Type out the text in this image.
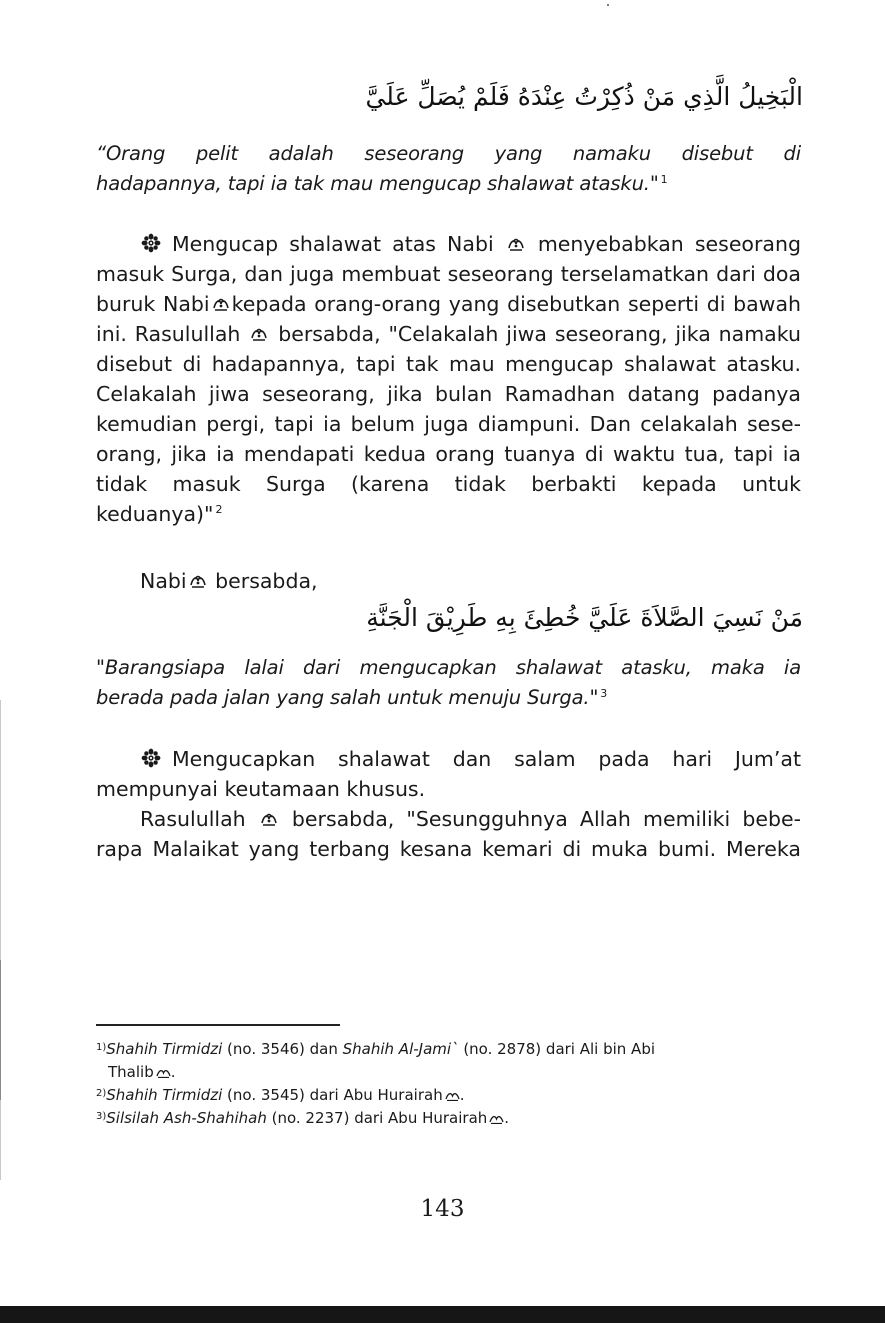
الْبَخِيلُ الَّذِي مَنْ ذُكِرْتُ عِنْدَهُ فَلَمْ يُصَلِّ عَلَيَّ
“Orang pelit adalah seseorang yang namaku disebut di
hadapannya, tapi ia tak mau mengucap shalawat atasku." $^1$
Mengucap shalawat atas Nabi menyebabkan seseorang
masuk Surga, dan juga membuat seseorang terselamatkan dari doa
buruk Nabi kepada orang-orang yang disebutkan seperti di bawah
ini. Rasulullah bersabda, "Celakalah jiwa seseorang, jika namaku
disebut di hadapannya, tapi tak mau mengucap shalawat atasku.
Celakalah jiwa seseorang, jika bulan Ramadhan datang padanya
kemudian pergi, tapi ia belum juga diampuni. Dan celakalah sese-
orang, jika ia mendapati kedua orang tuanya di waktu tua, tapi ia
tidak masuk Surga (karena tidak berbakti kepada untuk
keduanya)" $^2$
Nabi bersabda,
مَنْ نَسِيَ الصَّلاَةَ عَلَيَّ خُطِئَ بِهِ طَرِيْقَ الْجَنَّةِ
"Barangsiapa lalai dari mengucapkan shalawat atasku, maka ia
berada pada jalan yang salah untuk menuju Surga." $^3$
Mengucapkan shalawat dan salam pada hari Jum’at
mempunyai keutamaan khusus.
Rasulullah bersabda, "Sesungguhnya Allah memiliki bebe-
rapa Malaikat yang terbang kesana kemari di muka bumi. Mereka
$^{1)}$Shahih Tirmidzi (no. 3546) dan Shahih Al-Jami` (no. 2878) dari Ali bin Abi
Thalib .
$^{2)}$Shahih Tirmidzi (no. 3545) dari Abu Hurairah .
$^{3)}$Silsilah Ash-Shahihah (no. 2237) dari Abu Hurairah .
143
